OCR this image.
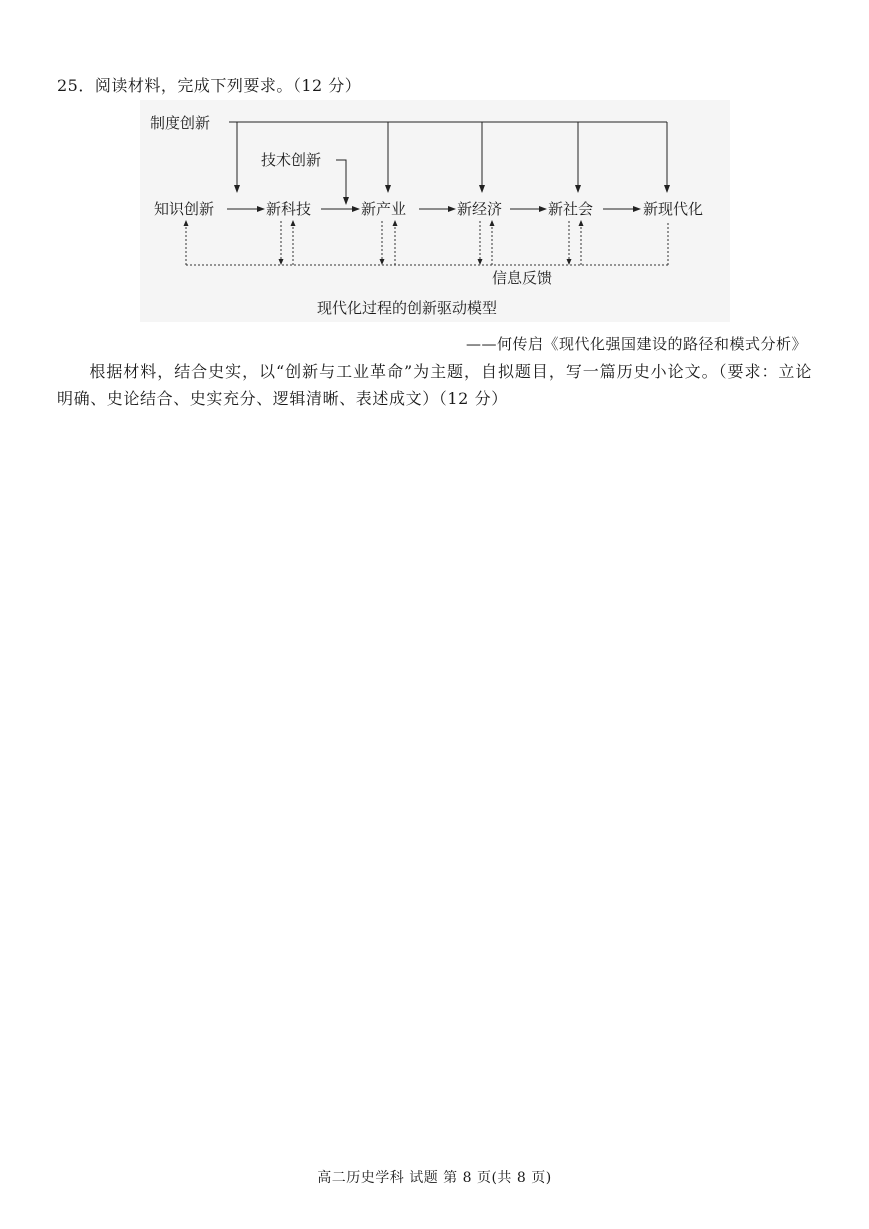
25．阅读材料，完成下列要求。（12 分）
制度创新
技术创新
知识创新	新科技	新产业	新经济	新社会	新现代化
信息反馈
现代化过程的创新驱动模型
——何传启《现代化强国建设的路径和模式分析》
根据材料，结合史实，以“创新与工业革命”为主题，自拟题目，写一篇历史小论文。（要求：立论明确、史论结合、史实充分、逻辑清晰、表述成文）（12 分）
高二历史学科 试题 第 8 页(共 8 页)
